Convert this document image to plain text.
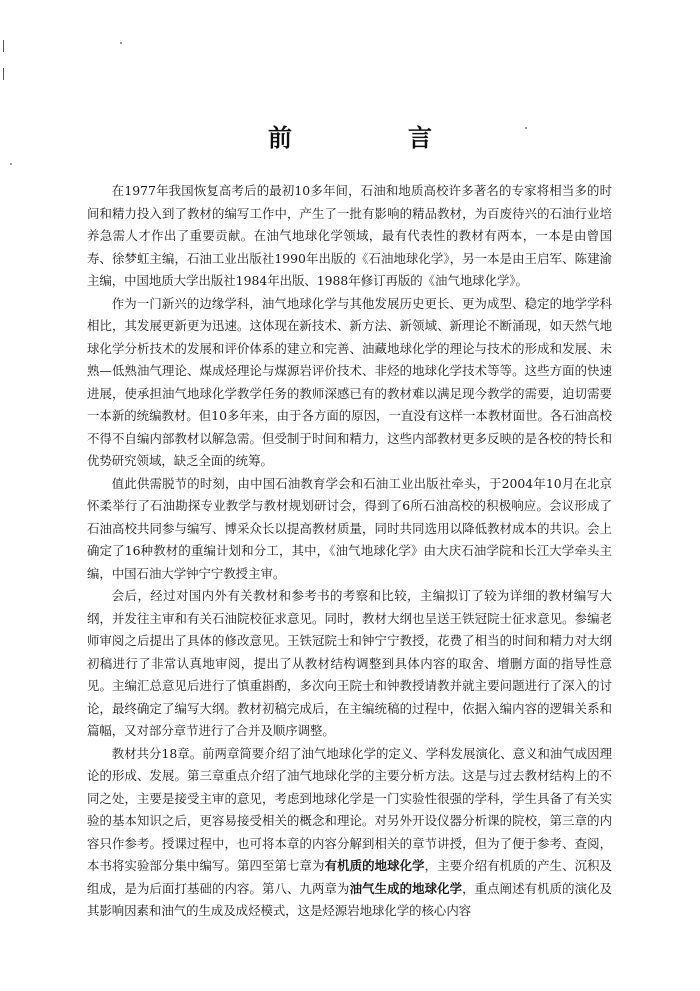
前　言

在1977年我国恢复高考后的最初10多年间，石油和地质高校许多著名的专家将相当多的时间和精力投入到了教材的编写工作中，产生了一批有影响的精品教材，为百废待兴的石油行业培养急需人才作出了重要贡献。在油气地球化学领域，最有代表性的教材有两本，一本是由曾国寿、徐梦虹主编，石油工业出版社1990年出版的《石油地球化学》，另一本是由王启军、陈建渝主编，中国地质大学出版社1984年出版、1988年修订再版的《油气地球化学》。

作为一门新兴的边缘学科，油气地球化学与其他发展历史更长、更为成型、稳定的地学学科相比，其发展更新更为迅速。这体现在新技术、新方法、新领域、新理论不断涌现，如天然气地球化学分析技术的发展和评价体系的建立和完善、油藏地球化学的理论与技术的形成和发展、未熟—低熟油气理论、煤成烃理论与煤源岩评价技术、非烃的地球化学技术等等。这些方面的快速进展，使承担油气地球化学教学任务的教师深感已有的教材难以满足现今教学的需要，迫切需要一本新的统编教材。但10多年来，由于各方面的原因，一直没有这样一本教材面世。各石油高校不得不自编内部教材以解急需。但受制于时间和精力，这些内部教材更多反映的是各校的特长和优势研究领域，缺乏全面的统筹。

值此供需脱节的时刻，由中国石油教育学会和石油工业出版社牵头，于2004年10月在北京怀柔举行了石油勘探专业教学与教材规划研讨会，得到了6所石油高校的积极响应。会议形成了石油高校共同参与编写、博采众长以提高教材质量，同时共同选用以降低教材成本的共识。会上确定了16种教材的重编计划和分工，其中，《油气地球化学》由大庆石油学院和长江大学牵头主编，中国石油大学钟宁宁教授主审。

会后，经过对国内外有关教材和参考书的考察和比较，主编拟订了较为详细的教材编写大纲，并发往主审和有关石油院校征求意见。同时，教材大纲也呈送王铁冠院士征求意见。参编老师审阅之后提出了具体的修改意见。王铁冠院士和钟宁宁教授，花费了相当的时间和精力对大纲初稿进行了非常认真地审阅，提出了从教材结构调整到具体内容的取舍、增删方面的指导性意见。主编汇总意见后进行了慎重斟酌，多次向王院士和钟教授请教并就主要问题进行了深入的讨论，最终确定了编写大纲。教材初稿完成后，在主编统稿的过程中，依据入编内容的逻辑关系和篇幅，又对部分章节进行了合并及顺序调整。

教材共分18章。前两章简要介绍了油气地球化学的定义、学科发展演化、意义和油气成因理论的形成、发展。第三章重点介绍了油气地球化学的主要分析方法。这是与过去教材结构上的不同之处，主要是接受主审的意见，考虑到地球化学是一门实验性很强的学科，学生具备了有关实验的基本知识之后，更容易接受相关的概念和理论。对另外开设仪器分析课的院校，第三章的内容只作参考。授课过程中，也可将本章的内容分解到相关的章节讲授，但为了便于参考、查阅，本书将实验部分集中编写。第四至第七章为有机质的地球化学，主要介绍有机质的产生、沉积及组成，是为后面打基础的内容。第八、九两章为油气生成的地球化学，重点阐述有机质的演化及其影响因素和油气的生成及成烃模式，这是烃源岩地球化学的核心内容
